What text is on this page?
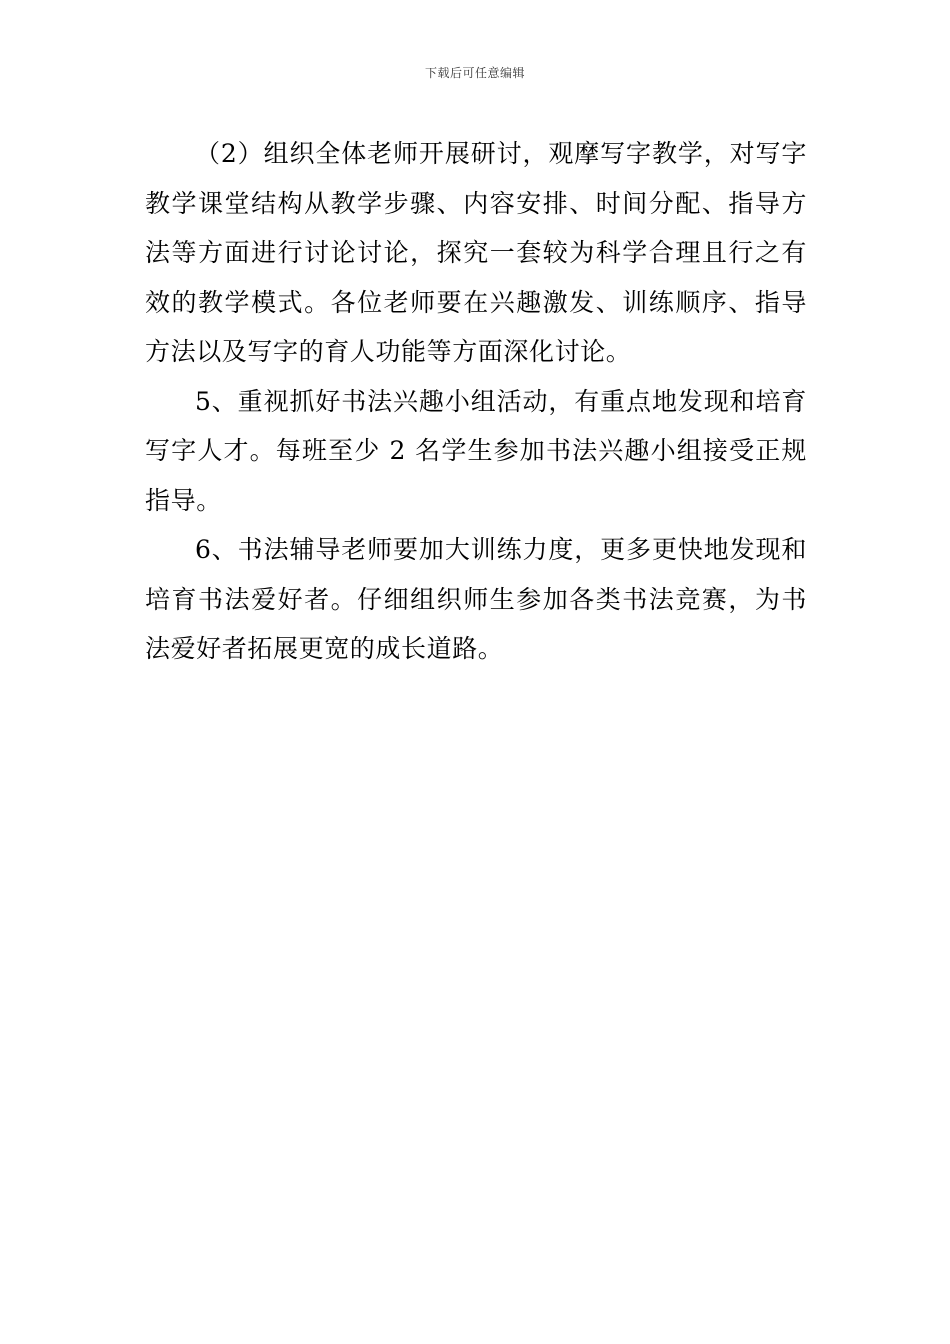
下载后可任意编辑

（2）组织全体老师开展研讨，观摩写字教学，对写字教学课堂结构从教学步骤、内容安排、时间分配、指导方法等方面进行讨论讨论，探究一套较为科学合理且行之有效的教学模式。各位老师要在兴趣激发、训练顺序、指导方法以及写字的育人功能等方面深化讨论。

5、重视抓好书法兴趣小组活动，有重点地发现和培育写字人才。每班至少 2 名学生参加书法兴趣小组接受正规指导。

6、书法辅导老师要加大训练力度，更多更快地发现和培育书法爱好者。仔细组织师生参加各类书法竞赛，为书法爱好者拓展更宽的成长道路。
